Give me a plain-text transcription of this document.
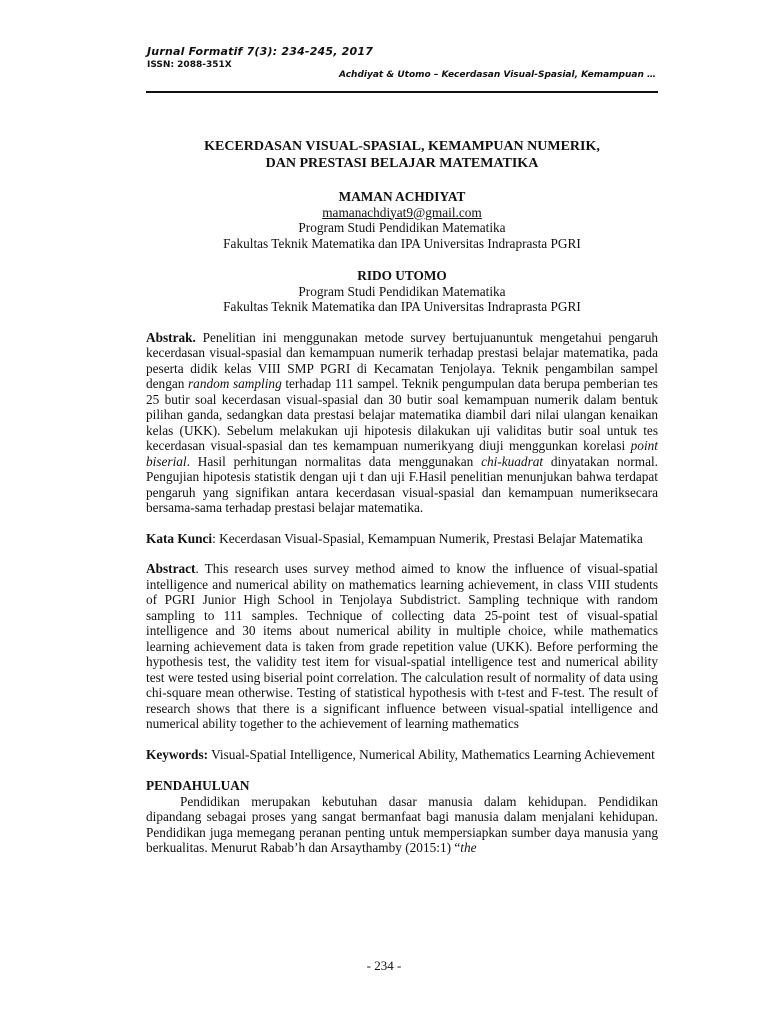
Jurnal Formatif 7(3): 234-245, 2017
ISSN: 2088-351X
Achdiyat & Utomo – Kecerdasan Visual-Spasial, Kemampuan …
KECERDASAN VISUAL-SPASIAL, KEMAMPUAN NUMERIK,
DAN PRESTASI BELAJAR MATEMATIKA
MAMAN ACHDIYAT
mamanachdiyat9@gmail.com
Program Studi Pendidikan Matematika
Fakultas Teknik Matematika dan IPA Universitas Indraprasta PGRI
RIDO UTOMO
Program Studi Pendidikan Matematika
Fakultas Teknik Matematika dan IPA Universitas Indraprasta PGRI

Abstrak. Penelitian ini menggunakan metode survey bertujuanuntuk mengetahui pengaruh kecerdasan visual-spasial dan kemampuan numerik terhadap prestasi belajar matematika, pada peserta didik kelas VIII SMP PGRI di Kecamatan Tenjolaya. Teknik pengambilan sampel dengan random sampling terhadap 111 sampel. Teknik pengumpulan data berupa pemberian tes 25 butir soal kecerdasan visual-spasial dan 30 butir soal kemampuan numerik dalam bentuk pilihan ganda, sedangkan data prestasi belajar matematika diambil dari nilai ulangan kenaikan kelas (UKK). Sebelum melakukan uji hipotesis dilakukan uji validitas butir soal untuk tes kecerdasan visual-spasial dan tes kemampuan numerikyang diuji menggunkan korelasi point biserial. Hasil perhitungan normalitas data menggunakan chi-kuadrat dinyatakan normal. Pengujian hipotesis statistik dengan uji t dan uji F.Hasil penelitian menunjukan bahwa terdapat pengaruh yang signifikan antara kecerdasan visual-spasial dan kemampuan numeriksecara bersama-sama terhadap prestasi belajar matematika.

Kata Kunci: Kecerdasan Visual-Spasial, Kemampuan Numerik, Prestasi Belajar Matematika

Abstract. This research uses survey method aimed to know the influence of visual-spatial intelligence and numerical ability on mathematics learning achievement, in class VIII students of PGRI Junior High School in Tenjolaya Subdistrict. Sampling technique with random sampling to 111 samples. Technique of collecting data 25-point test of visual-spatial intelligence and 30 items about numerical ability in multiple choice, while mathematics learning achievement data is taken from grade repetition value (UKK). Before performing the hypothesis test, the validity test item for visual-spatial intelligence test and numerical ability test were tested using biserial point correlation. The calculation result of normality of data using chi-square mean otherwise. Testing of statistical hypothesis with t-test and F-test. The result of research shows that there is a significant influence between visual-spatial intelligence and numerical ability together to the achievement of learning mathematics

Keywords: Visual-Spatial Intelligence, Numerical Ability, Mathematics Learning Achievement

PENDAHULUAN

Pendidikan merupakan kebutuhan dasar manusia dalam kehidupan. Pendidikan dipandang sebagai proses yang sangat bermanfaat bagi manusia dalam menjalani kehidupan. Pendidikan juga memegang peranan penting untuk mempersiapkan sumber daya manusia yang berkualitas. Menurut Rabab’h dan Arsaythamby (2015:1) “the

- 234 -
